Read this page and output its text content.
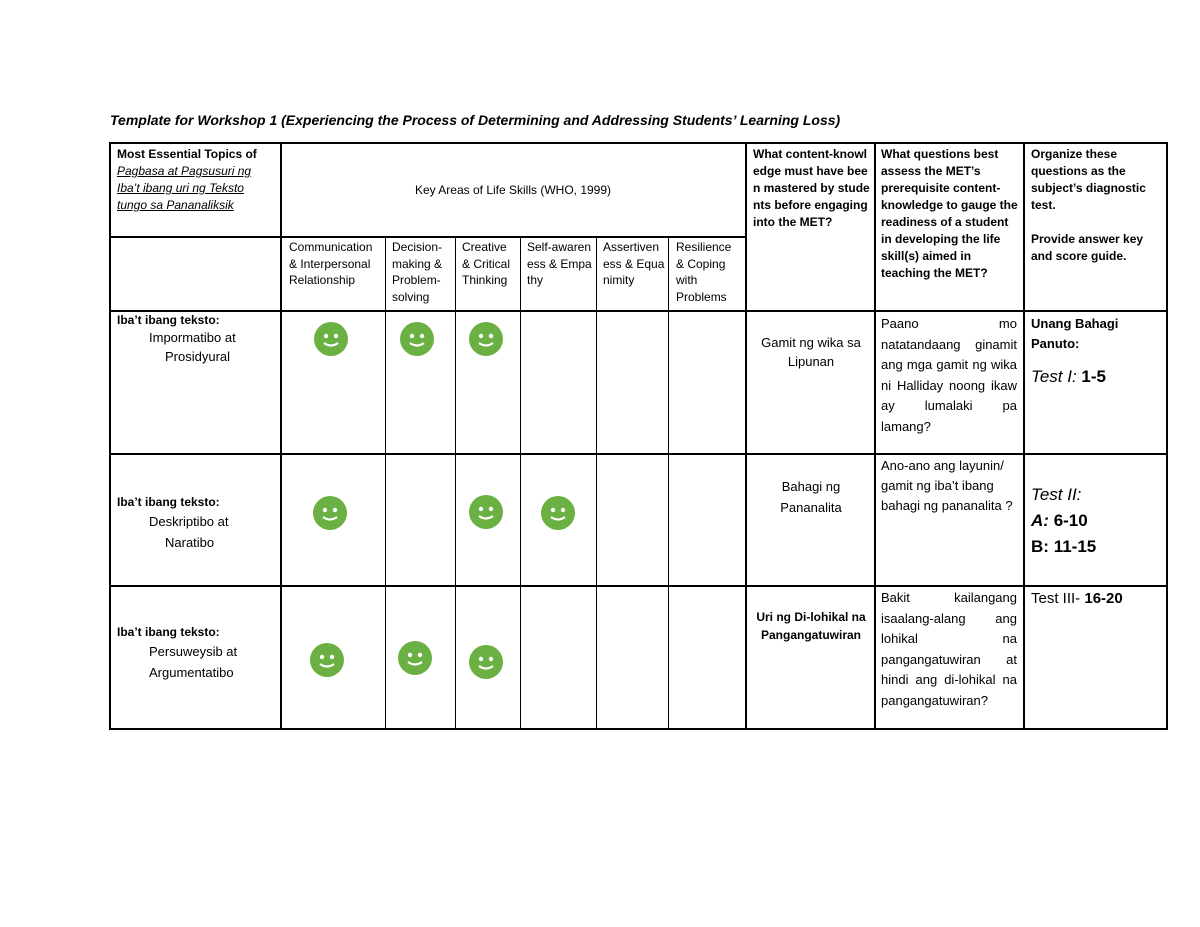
Template for Workshop 1 (Experiencing the Process of Determining and Addressing Students’ Learning Loss)
Most Essential Topics of
Pagbasa at Pagsusuri ng Iba’t ibang uri ng Teksto tungo sa Pananaliksik
Key Areas of Life Skills (WHO, 1999)
Communication & Interpersonal Relationship
Decision-making & Problem-solving
Creative & Critical Thinking
Self-awareness & Empathy
Assertiveness & Equanimity
Resilience & Coping with Problems
What content-knowledge must have been mastered by students before engaging into the MET?
What questions best assess the MET’s prerequisite content-knowledge to gauge the readiness of a student in developing the life skill(s) aimed in teaching the MET?
Organize these questions as the subject’s diagnostic test.
Provide answer key and score guide.
Iba’t ibang teksto:
Impormatibo at
Prosidyural
Gamit ng wika sa Lipunan
Paano mo natatandaang ginamit ang mga gamit ng wika ni Halliday noong ikaw ay lumalaki pa lamang?
Unang Bahagi Panuto:
Test I: 1-5
Iba’t ibang teksto:
Deskriptibo at
Naratibo
Bahagi ng Pananalita
Ano-ano ang layunin/ gamit ng iba’t ibang bahagi ng pananalita ?
Test II:
A: 6-10
B: 11-15
Iba’t ibang teksto:
Persuweysib at
Argumentatibo
Uri ng Di-lohikal na Pangangatuwiran
Bakit kailangang isaalang-alang ang lohikal na pangangatuwiran at hindi ang di-lohikal na pangangatuwiran?
Test III- 16-20
